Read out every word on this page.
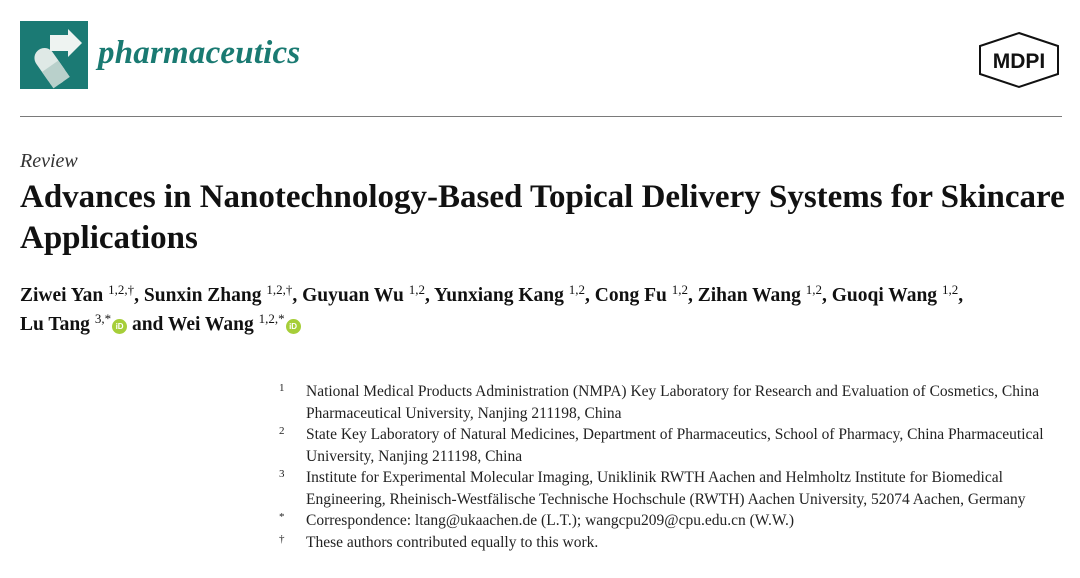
pharmaceutics	MDPI
Review
Advances in Nanotechnology-Based Topical Delivery Systems for Skincare Applications
Ziwei Yan $^{1,2,\dagger}$, Sunxin Zhang $^{1,2,\dagger}$, Guyuan Wu $^{1,2}$, Yunxiang Kang $^{1,2}$, Cong Fu $^{1,2}$, Zihan Wang $^{1,2}$, Guoqi Wang $^{1,2}$,
Lu Tang $^{3,*}$iD and Wei Wang $^{1,2,*}$iD
1 National Medical Products Administration (NMPA) Key Laboratory for Research and Evaluation of Cosmetics, China Pharmaceutical University, Nanjing 211198, China
2 State Key Laboratory of Natural Medicines, Department of Pharmaceutics, School of Pharmacy, China Pharmaceutical University, Nanjing 211198, China
3 Institute for Experimental Molecular Imaging, Uniklinik RWTH Aachen and Helmholtz Institute for Biomedical Engineering, Rheinisch-Westfälische Technische Hochschule (RWTH) Aachen University, 52074 Aachen, Germany
* Correspondence: ltang@ukaachen.de (L.T.); wangcpu209@cpu.edu.cn (W.W.)
† These authors contributed equally to this work.
